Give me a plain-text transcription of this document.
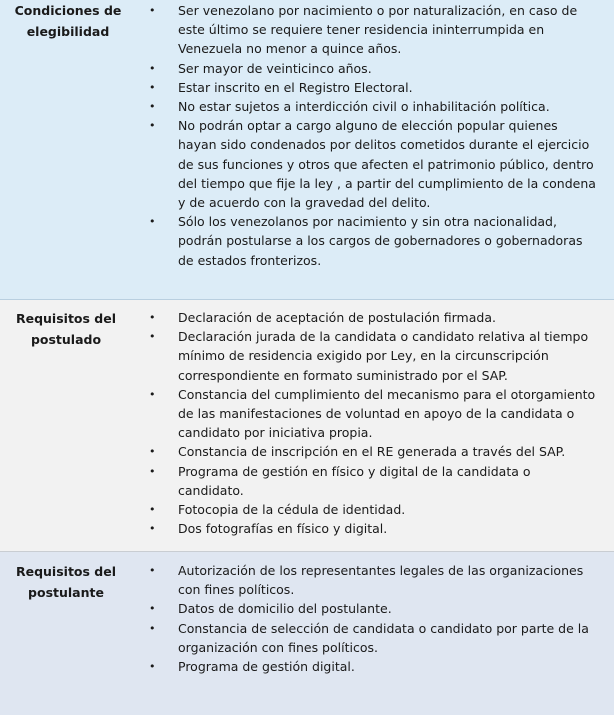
Condiciones de
elegibilidad
• Ser venezolano por nacimiento o por naturalización, en caso de este último se requiere tener residencia ininterrumpida en Venezuela no menor a quince años.
• Ser mayor de veinticinco años.
• Estar inscrito en el Registro Electoral.
• No estar sujetos a interdicción civil o inhabilitación política.
• No podrán optar a cargo alguno de elección popular quienes hayan sido condenados por delitos cometidos durante el ejercicio de sus funciones y otros que afecten el patrimonio público, dentro del tiempo que fije la ley , a partir del cumplimiento de la condena y de acuerdo con la gravedad del delito.
• Sólo los venezolanos por nacimiento y sin otra nacionalidad, podrán postularse a los cargos de gobernadores o gobernadoras de estados fronterizos.
Requisitos del
postulado
• Declaración de aceptación de postulación firmada.
• Declaración jurada de la candidata o candidato relativa al tiempo mínimo de residencia exigido por Ley, en la circunscripción correspondiente en formato suministrado por el SAP.
• Constancia del cumplimiento del mecanismo para el otorgamiento de las manifestaciones de voluntad en apoyo de la candidata o candidato por iniciativa propia.
• Constancia de inscripción en el RE generada a través del SAP.
• Programa de gestión en físico y digital de la candidata o candidato.
• Fotocopia de la cédula de identidad.
• Dos fotografías en físico y digital.
Requisitos del
postulante
• Autorización de los representantes legales de las organizaciones con fines políticos.
• Datos de domicilio del postulante.
• Constancia de selección de candidata o candidato por parte de la organización con fines políticos.
• Programa de gestión digital.
